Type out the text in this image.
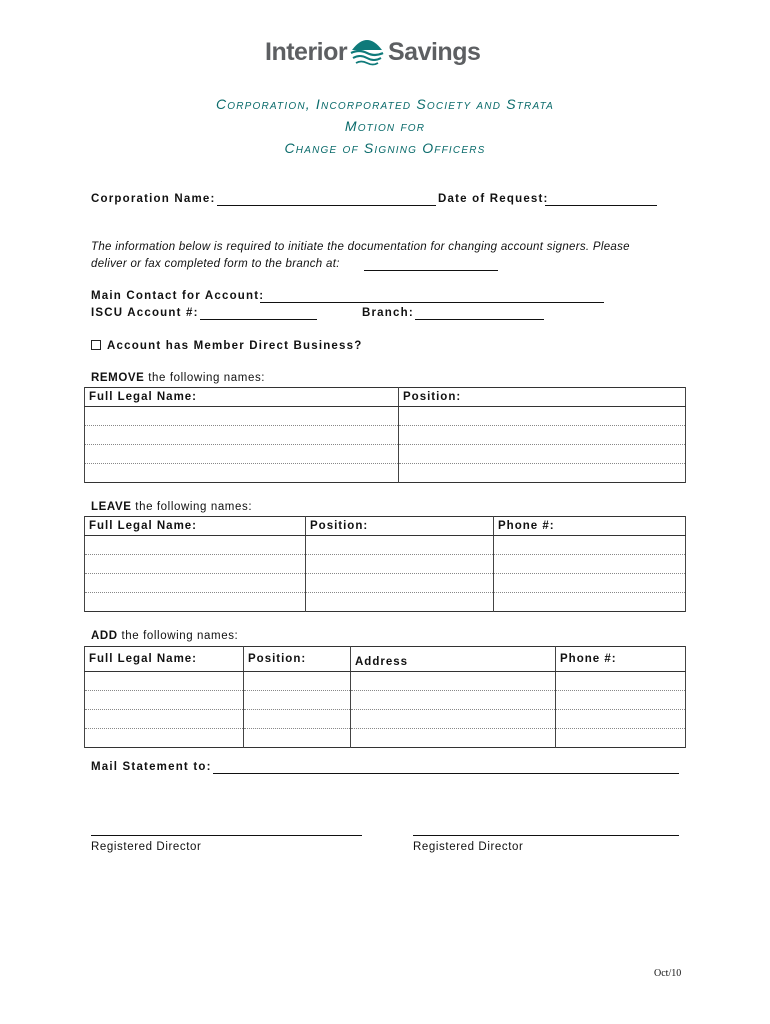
Interior Savings
Corporation, Incorporated Society and Strata
Motion for
Change of Signing Officers
Corporation Name:	Date of Request:
The information below is required to initiate the documentation for changing account signers. Please
deliver or fax completed form to the branch at:
Main Contact for Account:
ISCU Account #:	Branch:
Account has Member Direct Business?
REMOVE the following names:
Full Legal Name:	Position:

LEAVE the following names:
Full Legal Name:	Position:	Phone #:

ADD the following names:
Full Legal Name:	Position:	Address	Phone #:

Mail Statement to:
Registered Director	Registered Director
Oct/10
